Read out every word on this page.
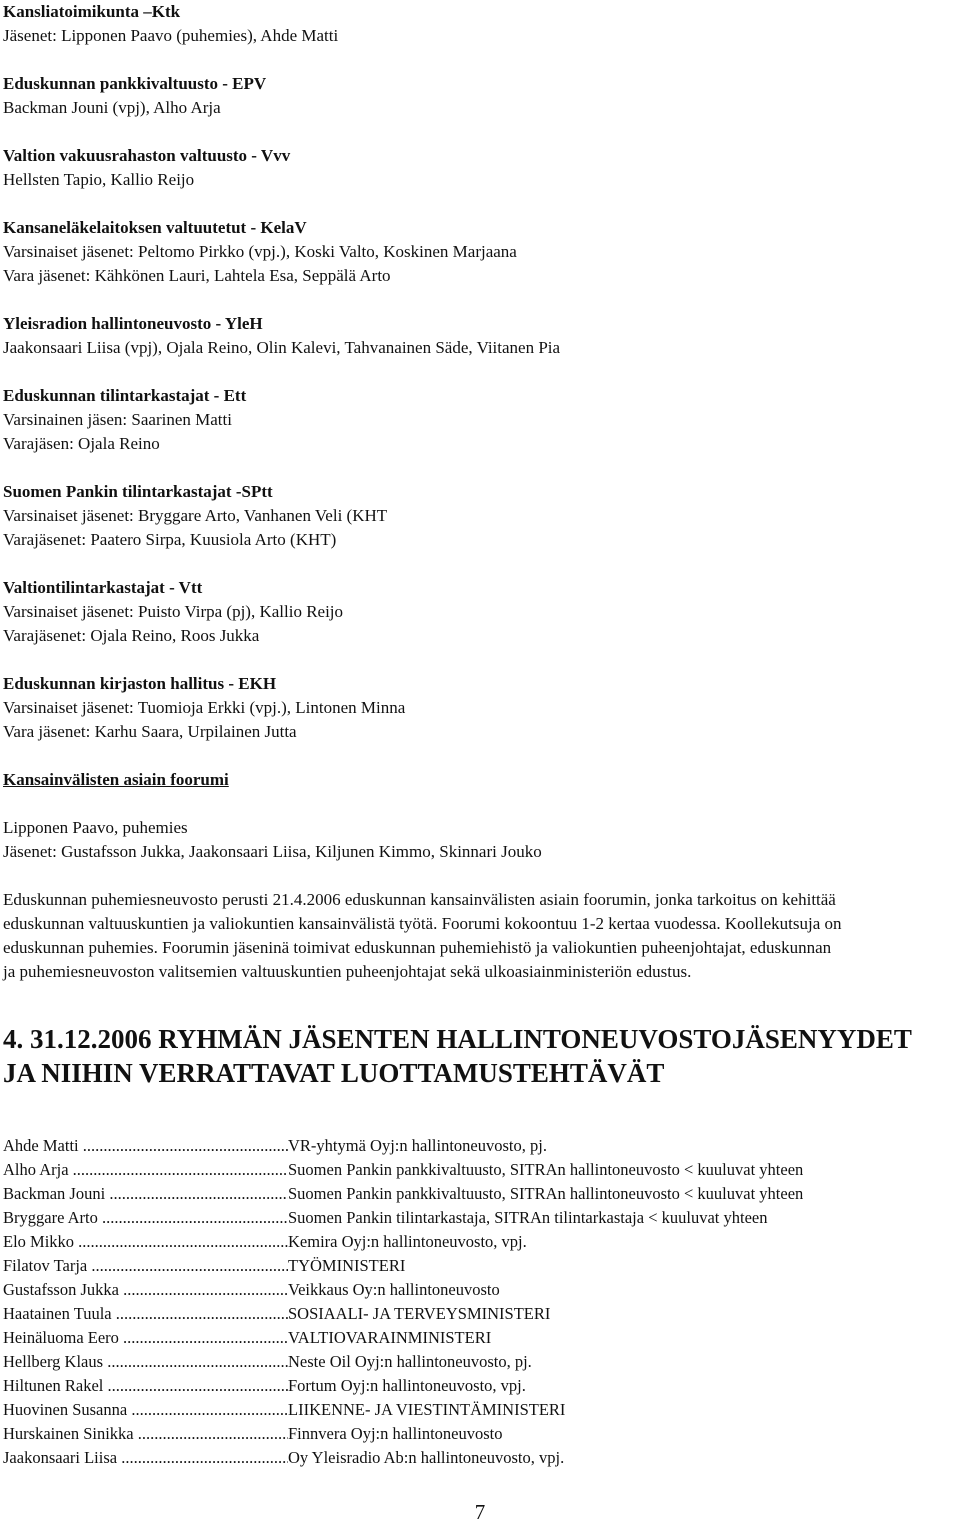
Kansliatoimikunta –Ktk

Jäsenet: Lipponen Paavo (puhemies), Ahde Matti

Eduskunnan pankkivaltuusto - EPV

Backman Jouni (vpj), Alho Arja

Valtion vakuusrahaston valtuusto - Vvv

Hellsten Tapio, Kallio Reijo

Kansaneläkelaitoksen valtuutetut - KelaV

Varsinaiset jäsenet: Peltomo Pirkko (vpj.), Koski Valto, Koskinen Marjaana

Vara jäsenet: Kähkönen Lauri, Lahtela Esa, Seppälä Arto

Yleisradion hallintoneuvosto - YleH

Jaakonsaari Liisa (vpj), Ojala Reino, Olin Kalevi, Tahvanainen Säde, Viitanen Pia

Eduskunnan tilintarkastajat - Ett

Varsinainen jäsen: Saarinen Matti

Varajäsen: Ojala Reino

Suomen Pankin tilintarkastajat -SPtt

Varsinaiset jäsenet: Bryggare Arto, Vanhanen Veli (KHT

Varajäsenet: Paatero Sirpa, Kuusiola Arto (KHT)

Valtiontilintarkastajat - Vtt

Varsinaiset jäsenet: Puisto Virpa (pj), Kallio Reijo

Varajäsenet: Ojala Reino, Roos Jukka

Eduskunnan kirjaston hallitus - EKH

Varsinaiset jäsenet: Tuomioja Erkki (vpj.), Lintonen Minna

Vara jäsenet: Karhu Saara, Urpilainen Jutta

Kansainvälisten asiain foorumi

Lipponen Paavo, puhemies

Jäsenet: Gustafsson Jukka, Jaakonsaari Liisa, Kiljunen Kimmo, Skinnari Jouko

Eduskunnan puhemiesneuvosto perusti 21.4.2006 eduskunnan kansainvälisten asiain foorumin, jonka tarkoitus on kehittää

eduskunnan valtuuskuntien ja valiokuntien kansainvälistä työtä. Foorumi kokoontuu 1-2 kertaa vuodessa. Koollekutsuja on

eduskunnan puhemies. Foorumin jäseninä toimivat eduskunnan puhemiehistö ja valiokuntien puheenjohtajat, eduskunnan

ja puhemiesneuvoston valitsemien valtuuskuntien puheenjohtajat sekä ulkoasiainministeriön edustus.

4. 31.12.2006 RYHMÄN JÄSENTEN HALLINTONEUVOSTOJÄSENYYDET

JA NIIHIN VERRATTAVAT LUOTTAMUSTEHTÄVÄT

Ahde Matti .....	VR-yhtymä Oyj:n hallintoneuvosto, pj.
Alho Arja .....	Suomen Pankin pankkivaltuusto, SITRAn hallintoneuvosto < kuuluvat yhteen
Backman Jouni .....	Suomen Pankin pankkivaltuusto, SITRAn hallintoneuvosto < kuuluvat yhteen
Bryggare Arto .....	Suomen Pankin tilintarkastaja, SITRAn tilintarkastaja < kuuluvat yhteen
Elo Mikko .....	Kemira Oyj:n hallintoneuvosto, vpj.
Filatov Tarja .....	TYÖMINISTERI
Gustafsson Jukka .....	Veikkaus Oy:n hallintoneuvosto
Haatainen Tuula .....	SOSIAALI- JA TERVEYSMINISTERI
Heinäluoma Eero .....	VALTIOVARAINMINISTERI
Hellberg Klaus .....	Neste Oil Oyj:n hallintoneuvosto, pj.
Hiltunen Rakel .....	Fortum Oyj:n hallintoneuvosto, vpj.
Huovinen Susanna .....	LIIKENNE- JA VIESTINTÄMINISTERI
Hurskainen Sinikka .....	Finnvera Oyj:n hallintoneuvosto
Jaakonsaari Liisa .....	Oy Yleisradio Ab:n hallintoneuvosto, vpj.
7
